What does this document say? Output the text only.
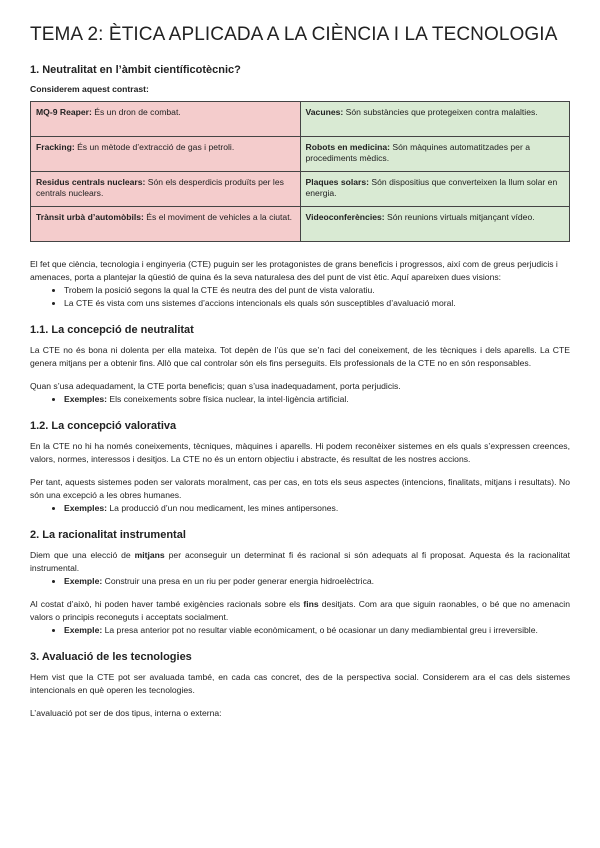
TEMA 2: ÈTICA APLICADA A LA CIÈNCIA I LA TECNOLOGIA
1. Neutralitat en l’àmbit científicotècnic?
Considerem aquest contrast:
MQ-9 Reaper: És un dron de combat.	Vacunes: Són substàncies que protegeixen contra malalties.
Fracking: És un mètode d’extracció de gas i petroli.	Robots en medicina: Són màquines automatitzades per a procediments mèdics.
Residus centrals nuclears: Són els desperdicis produïts per les centrals nuclears.	Plaques solars: Són dispositius que converteixen la llum solar en energia.
Trànsit urbà d’automòbils: És el moviment de vehicles a la ciutat.	Videoconferències: Són reunions virtuals mitjançant vídeo.

El fet que ciència, tecnologia i enginyeria (CTE) puguin ser les protagonistes de grans beneficis i progressos, així com de greus perjudicis i amenaces, porta a plantejar la qüestió de quina és la seva naturalesa des del punt de vist ètic. Aquí apareixen dues visions:

• Trobem la posició segons la qual la CTE és neutra des del punt de vista valoratiu.
• La CTE és vista com uns sistemes d’accions intencionals els quals són susceptibles d’avaluació moral.
1.1. La concepció de neutralitat

La CTE no és bona ni dolenta per ella mateixa. Tot depèn de l’ús que se’n faci del coneixement, de les tècniques i dels aparells. La CTE genera mitjans per a obtenir fins. Allò que cal controlar són els fins perseguits. Els professionals de la CTE no en són responsables.

Quan s’usa adequadament, la CTE porta beneficis; quan s’usa inadequadament, porta perjudicis.

• Exemples: Els coneixements sobre física nuclear, la intel·ligència artificial.
1.2. La concepció valorativa

En la CTE no hi ha només coneixements, tècniques, màquines i aparells. Hi podem reconèixer sistemes en els quals s’expressen creences, valors, normes, interessos i desitjos. La CTE no és un entorn objectiu i abstracte, és resultat de les nostres accions.

Per tant, aquests sistemes poden ser valorats moralment, cas per cas, en tots els seus aspectes (intencions, finalitats, mitjans i resultats). No són una excepció a les obres humanes.

• Exemples: La producció d’un nou medicament, les mines antipersones.
2. La racionalitat instrumental

Diem que una elecció de mitjans per aconseguir un determinat fi és racional si són adequats al fi proposat. Aquesta és la racionalitat instrumental.

• Exemple: Construir una presa en un riu per poder generar energia hidroelèctrica.

Al costat d’això, hi poden haver també exigències racionals sobre els fins desitjats. Com ara que siguin raonables, o bé que no amenacin valors o principis reconeguts i acceptats socialment.

• Exemple: La presa anterior pot no resultar viable econòmicament, o bé ocasionar un dany mediambiental greu i irreversible.
3. Avaluació de les tecnologies

Hem vist que la CTE pot ser avaluada també, en cada cas concret, des de la perspectiva social. Considerem ara el cas dels sistemes intencionals en què operen les tecnologies.

L’avaluació pot ser de dos tipus, interna o externa:
